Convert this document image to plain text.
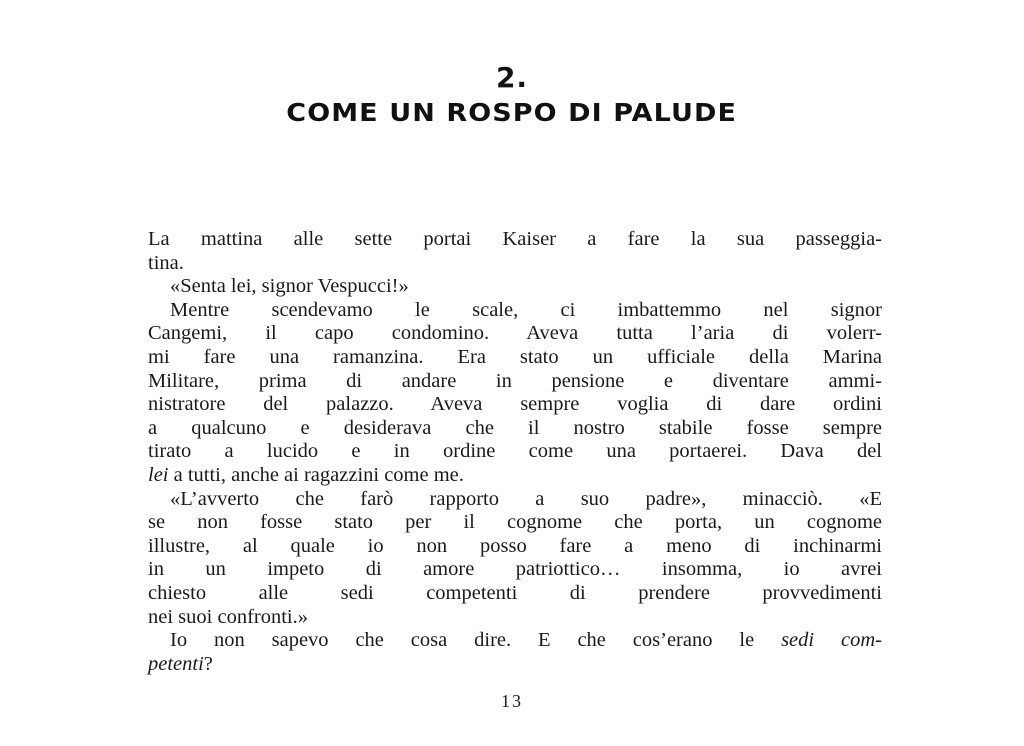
2.
COME UN ROSPO DI PALUDE
La mattina alle sette portai Kaiser a fare la sua passeggia-
tina.
«Senta lei, signor Vespucci!»
Mentre scendevamo le scale, ci imbattemmo nel signor
Cangemi, il capo condomino. Aveva tutta l’aria di volerr-
mi fare una ramanzina. Era stato un ufficiale della Marina
Militare, prima di andare in pensione e diventare ammi-
nistratore del palazzo. Aveva sempre voglia di dare ordini
a qualcuno e desiderava che il nostro stabile fosse sempre
tirato a lucido e in ordine come una portaerei. Dava del
lei a tutti, anche ai ragazzini come me.
«L’avverto che farò rapporto a suo padre», minacciò. «E
se non fosse stato per il cognome che porta, un cognome
illustre, al quale io non posso fare a meno di inchinarmi
in un impeto di amore patriottico… insomma, io avrei
chiesto alle sedi competenti di prendere provvedimenti
nei suoi confronti.»
Io non sapevo che cosa dire. E che cos’erano le sedi com-
petenti?
13
